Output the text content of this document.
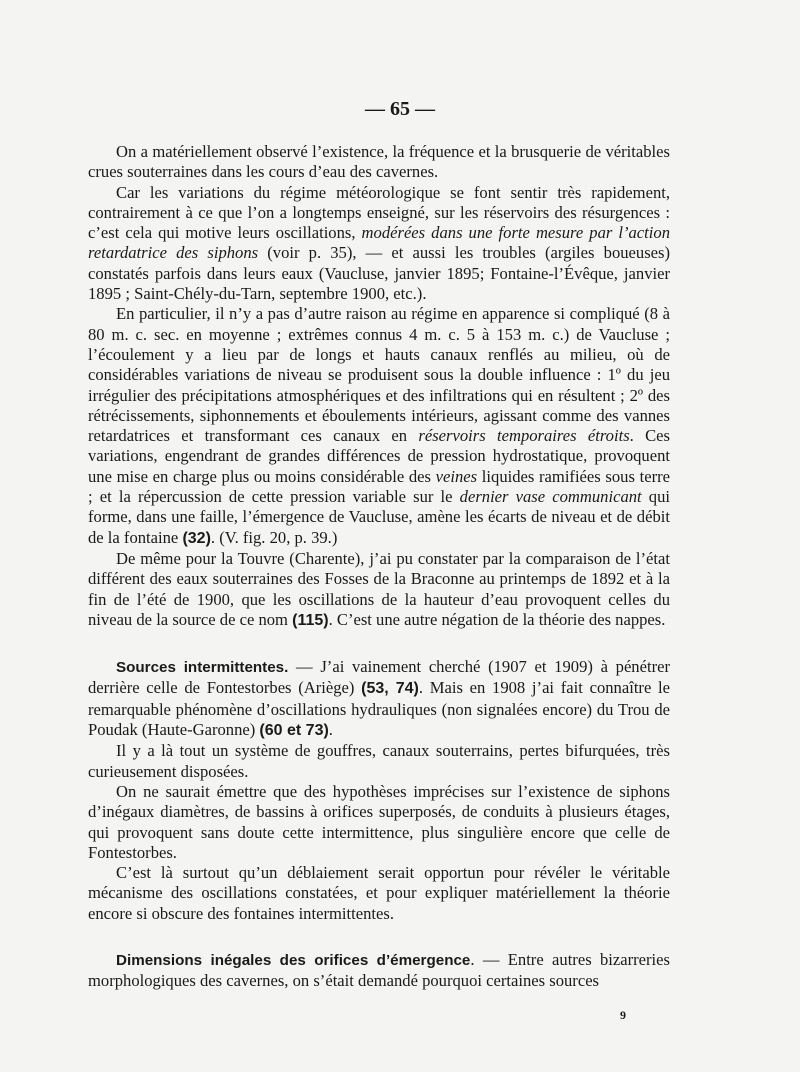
— 65 —

On a matériellement observé l’existence, la fréquence et la brusquerie de véritables crues souterraines dans les cours d’eau des cavernes.

Car les variations du régime météorologique se font sentir très rapidement, contrairement à ce que l’on a longtemps enseigné, sur les réservoirs des résurgences : c’est cela qui motive leurs oscillations, modérées dans une forte mesure par l’action retardatrice des siphons (voir p. 35), — et aussi les troubles (argiles boueuses) constatés parfois dans leurs eaux (Vaucluse, janvier 1895; Fontaine-l’Évêque, janvier 1895 ; Saint-Chély-du-Tarn, septembre 1900, etc.).

En particulier, il n’y a pas d’autre raison au régime en apparence si compliqué (8 à 80 m. c. sec. en moyenne ; extrêmes connus 4 m. c. 5 à 153 m. c.) de Vaucluse ; l’écoulement y a lieu par de longs et hauts canaux renflés au milieu, où de considérables variations de niveau se produisent sous la double influence : 1º du jeu irrégulier des précipitations atmosphériques et des infiltrations qui en résultent ; 2º des rétrécissements, siphonnements et éboulements intérieurs, agissant comme des vannes retardatrices et transformant ces canaux en réservoirs temporaires étroits. Ces variations, engendrant de grandes différences de pression hydrostatique, provoquent une mise en charge plus ou moins considérable des veines liquides ramifiées sous terre ; et la répercussion de cette pression variable sur le dernier vase communicant qui forme, dans une faille, l’émergence de Vaucluse, amène les écarts de niveau et de débit de la fontaine (32). (V. fig. 20, p. 39.)

De même pour la Touvre (Charente), j’ai pu constater par la comparaison de l’état différent des eaux souterraines des Fosses de la Braconne au printemps de 1892 et à la fin de l’été de 1900, que les oscillations de la hauteur d’eau provoquent celles du niveau de la source de ce nom (115). C’est une autre négation de la théorie des nappes.

Sources intermittentes. — J’ai vainement cherché (1907 et 1909) à pénétrer derrière celle de Fontestorbes (Ariège) (53, 74). Mais en 1908 j’ai fait connaître le remarquable phénomène d’oscillations hydrauliques (non signalées encore) du Trou de Poudak (Haute-Garonne) (60 et 73).

Il y a là tout un système de gouffres, canaux souterrains, pertes bifurquées, très curieusement disposées.

On ne saurait émettre que des hypothèses imprécises sur l’existence de siphons d’inégaux diamètres, de bassins à orifices superposés, de conduits à plusieurs étages, qui provoquent sans doute cette intermittence, plus singulière encore que celle de Fontestorbes.

C’est là surtout qu’un déblaiement serait opportun pour révéler le véritable mécanisme des oscillations constatées, et pour expliquer matériellement la théorie encore si obscure des fontaines intermittentes.

Dimensions inégales des orifices d’émergence. — Entre autres bizarreries morphologiques des cavernes, on s’était demandé pourquoi certaines sources

9
